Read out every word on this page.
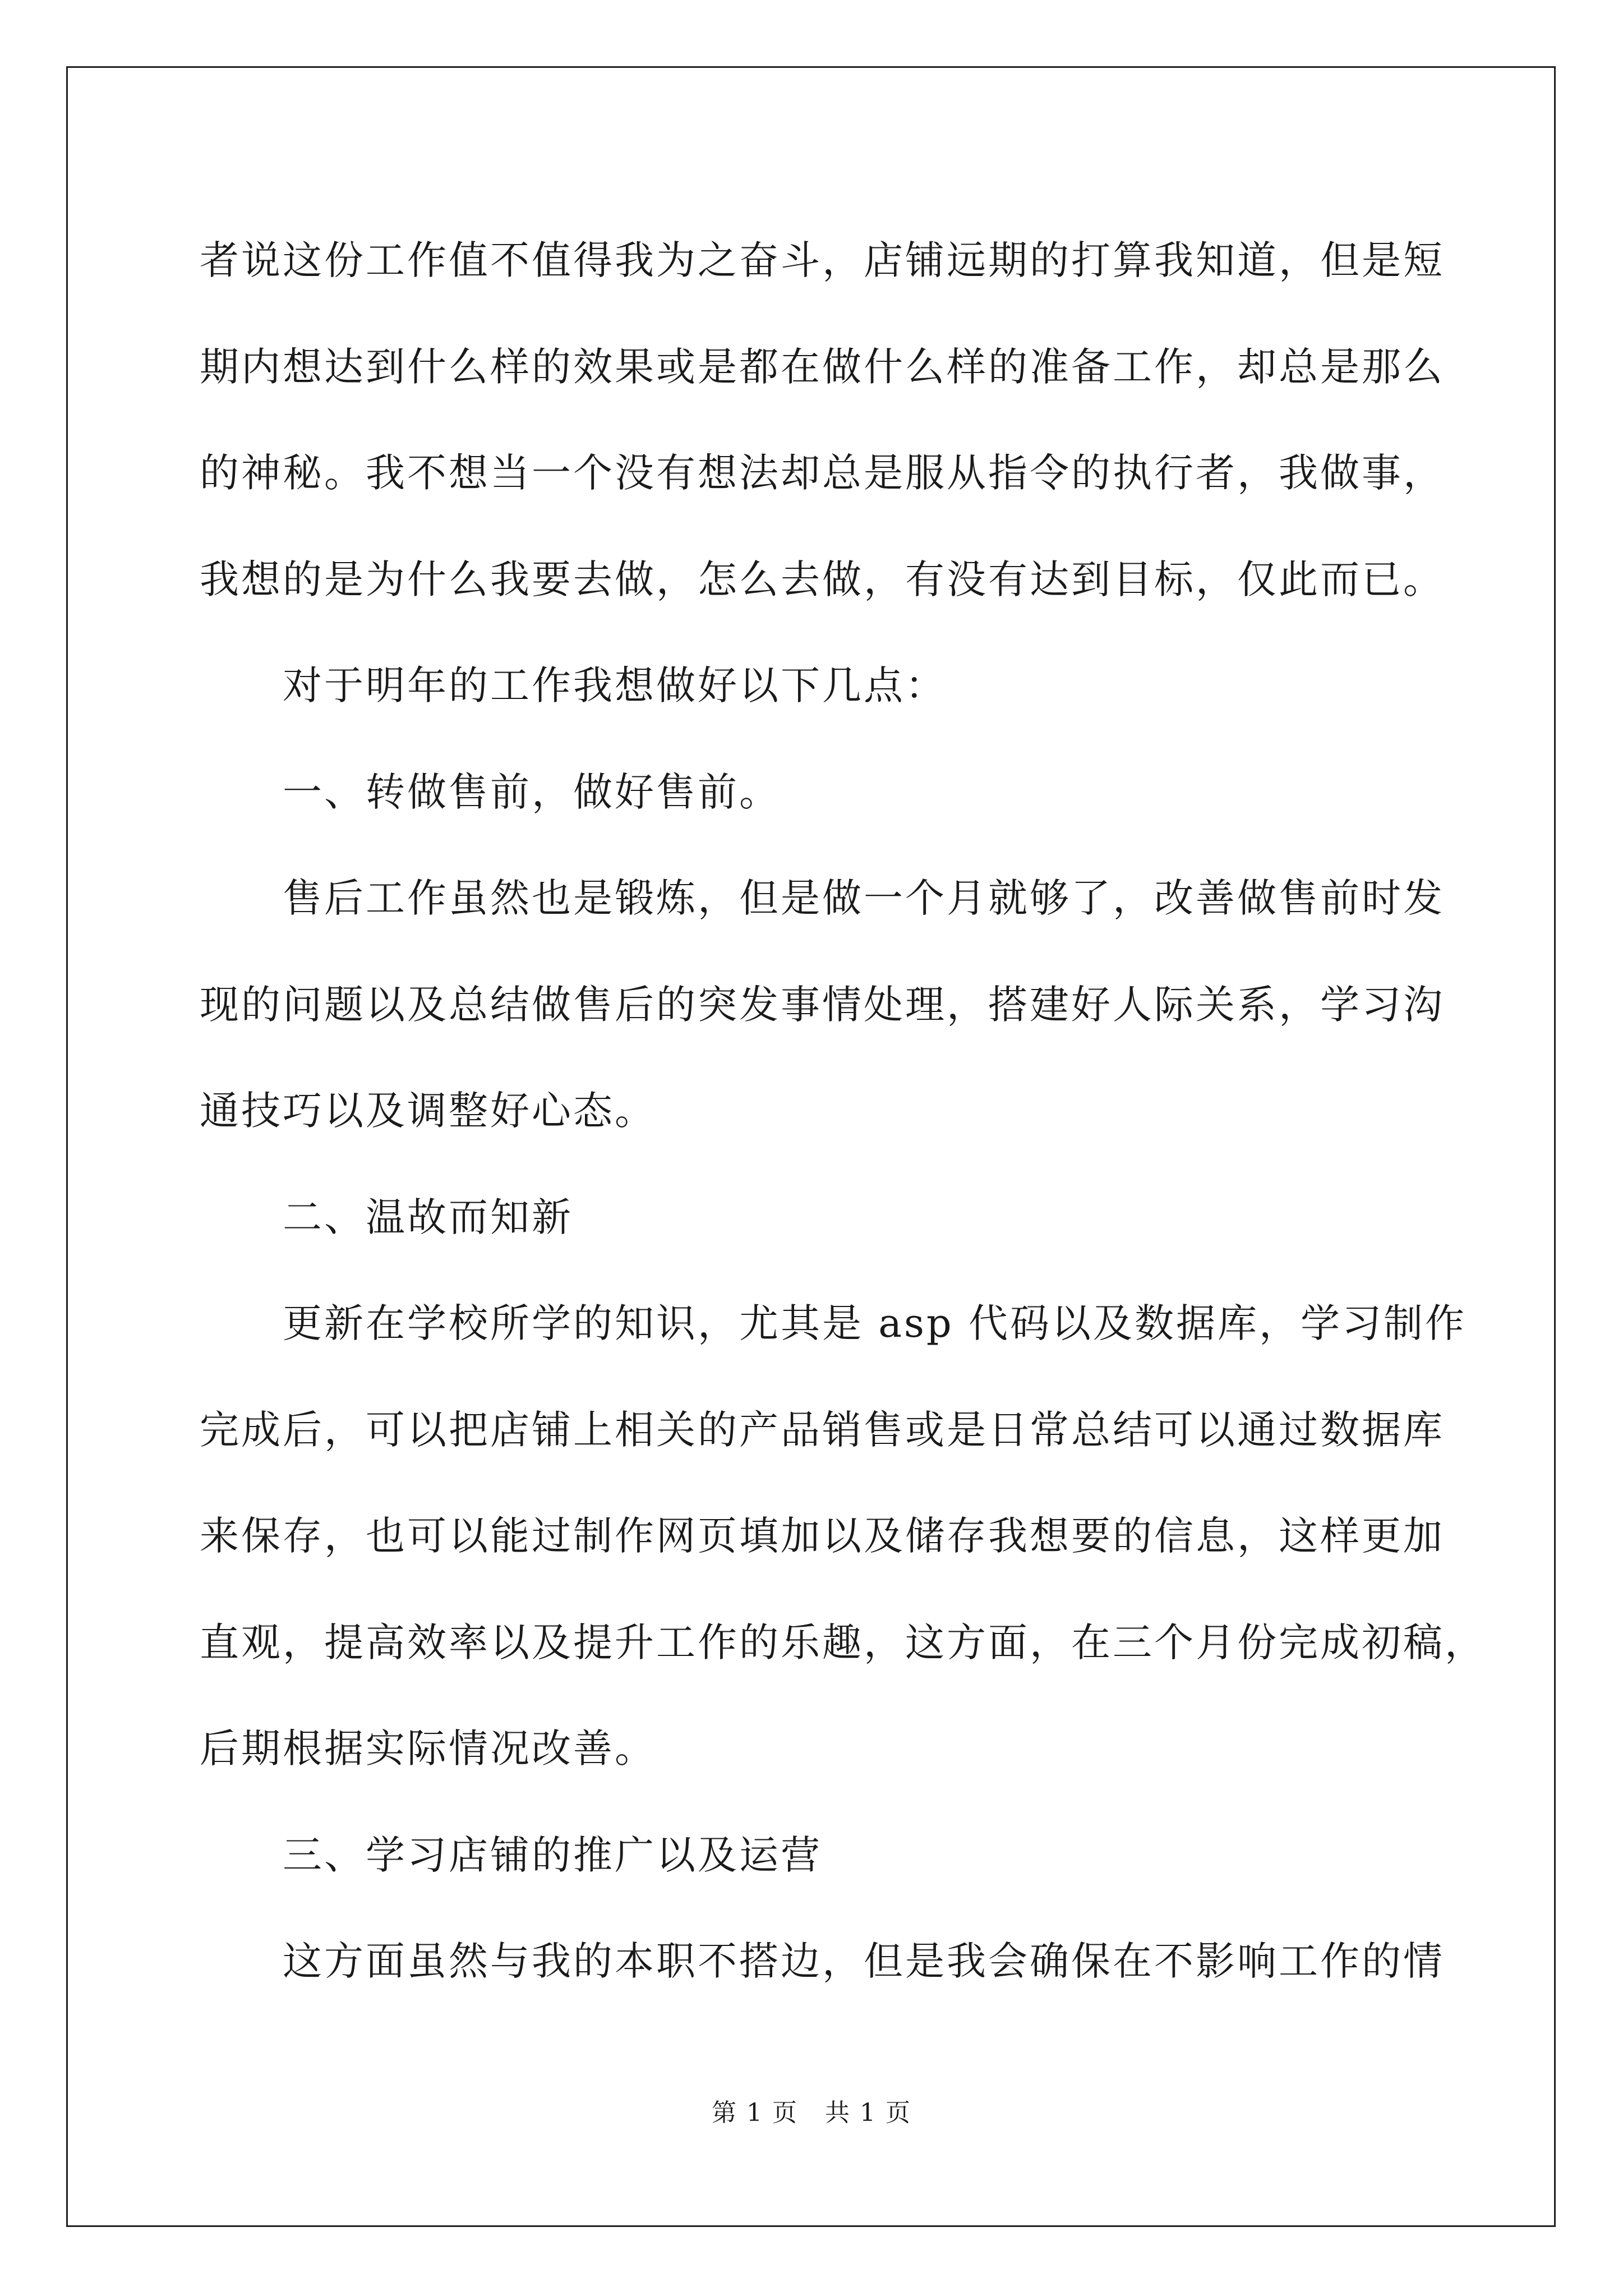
者说这份工作值不值得我为之奋斗，店铺远期的打算我知道，但是短

期内想达到什么样的效果或是都在做什么样的准备工作，却总是那么

的神秘。我不想当一个没有想法却总是服从指令的执行者，我做事，

我想的是为什么我要去做，怎么去做，有没有达到目标，仅此而已。

对于明年的工作我想做好以下几点：

一、转做售前，做好售前。

售后工作虽然也是锻炼，但是做一个月就够了，改善做售前时发

现的问题以及总结做售后的突发事情处理，搭建好人际关系，学习沟

通技巧以及调整好心态。

二、温故而知新

更新在学校所学的知识，尤其是 asp 代码以及数据库，学习制作

完成后，可以把店铺上相关的产品销售或是日常总结可以通过数据库

来保存，也可以能过制作网页填加以及储存我想要的信息，这样更加

直观，提高效率以及提升工作的乐趣，这方面，在三个月份完成初稿，

后期根据实际情况改善。

三、学习店铺的推广以及运营

这方面虽然与我的本职不搭边，但是我会确保在不影响工作的情

第 1 页   共 1 页
